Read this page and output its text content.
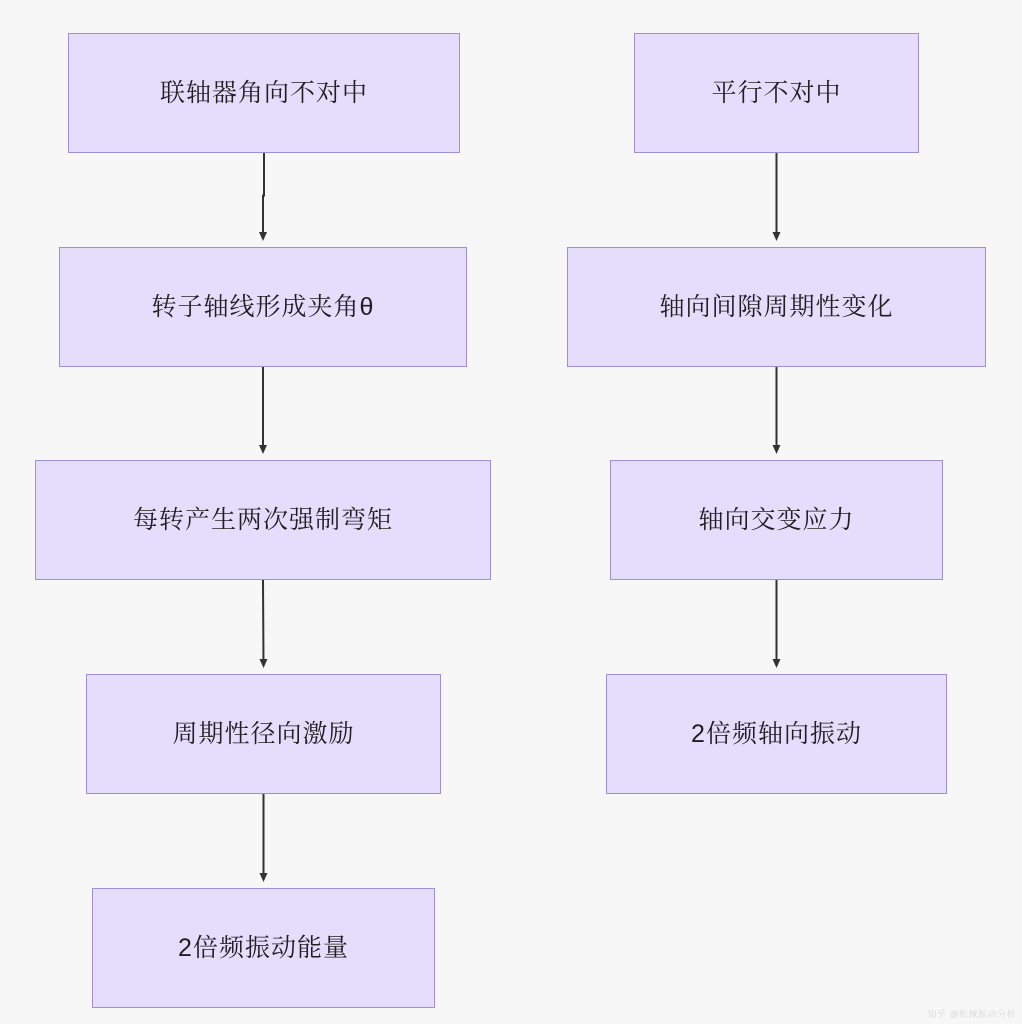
联轴器角向不对中
转子轴线形成夹角θ
每转产生两次强制弯矩
周期性径向激励
2倍频振动能量
平行不对中
轴向间隙周期性变化
轴向交变应力
2倍频轴向振动
知乎 @机械振动分析
